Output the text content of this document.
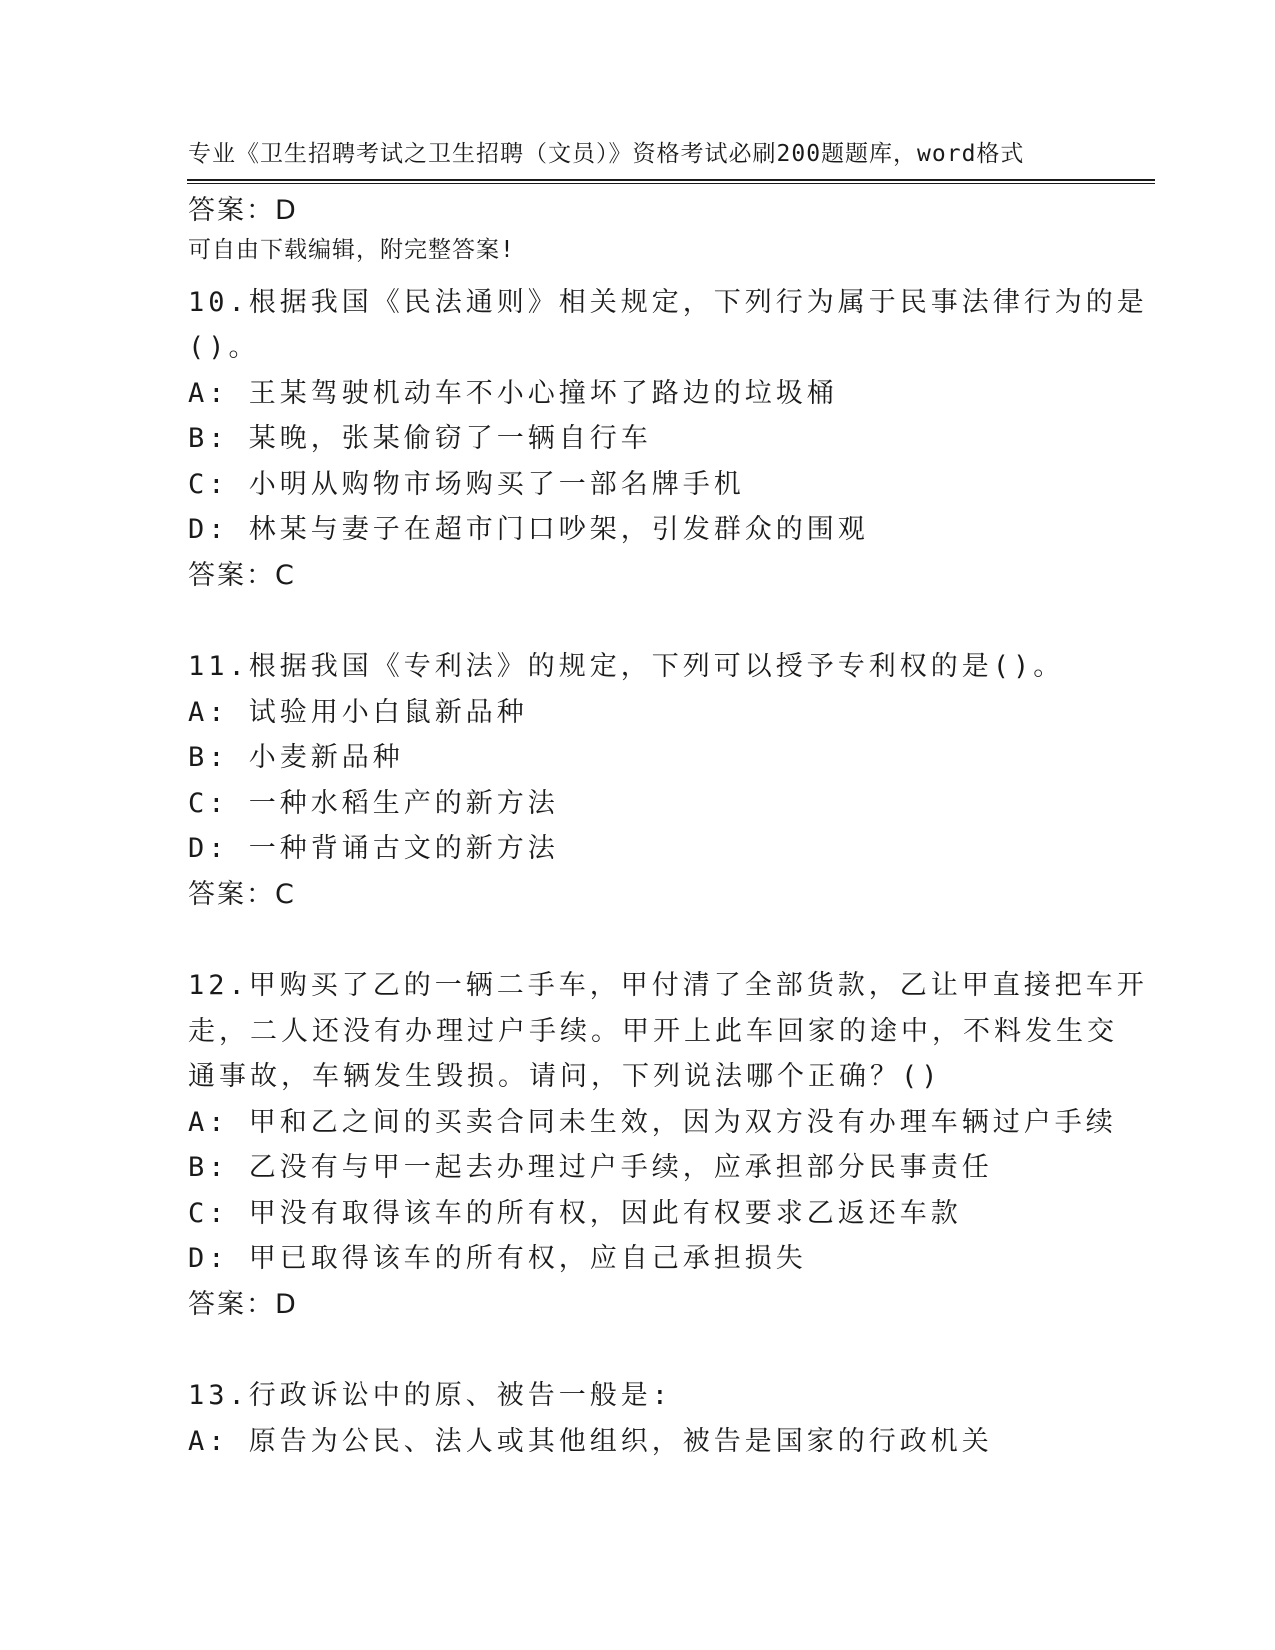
专业《卫生招聘考试之卫生招聘（文员）》资格考试必刷200题题库，word格式

可自由下载编辑，附完整答案!

答案：D
10.根据我国《民法通则》相关规定，下列行为属于民事法律行为的是
()。
A: 王某驾驶机动车不小心撞坏了路边的垃圾桶
B: 某晚，张某偷窃了一辆自行车
C: 小明从购物市场购买了一部名牌手机
D: 林某与妻子在超市门口吵架，引发群众的围观
答案：C
11.根据我国《专利法》的规定，下列可以授予专利权的是()。
A: 试验用小白鼠新品种
B: 小麦新品种
C: 一种水稻生产的新方法
D: 一种背诵古文的新方法
答案：C
12.甲购买了乙的一辆二手车，甲付清了全部货款，乙让甲直接把车开
走，二人还没有办理过户手续。甲开上此车回家的途中，不料发生交
通事故，车辆发生毁损。请问，下列说法哪个正确？()
A: 甲和乙之间的买卖合同未生效，因为双方没有办理车辆过户手续
B: 乙没有与甲一起去办理过户手续，应承担部分民事责任
C: 甲没有取得该车的所有权，因此有权要求乙返还车款
D: 甲已取得该车的所有权，应自己承担损失
答案：D
13.行政诉讼中的原、被告一般是:
A: 原告为公民、法人或其他组织，被告是国家的行政机关
